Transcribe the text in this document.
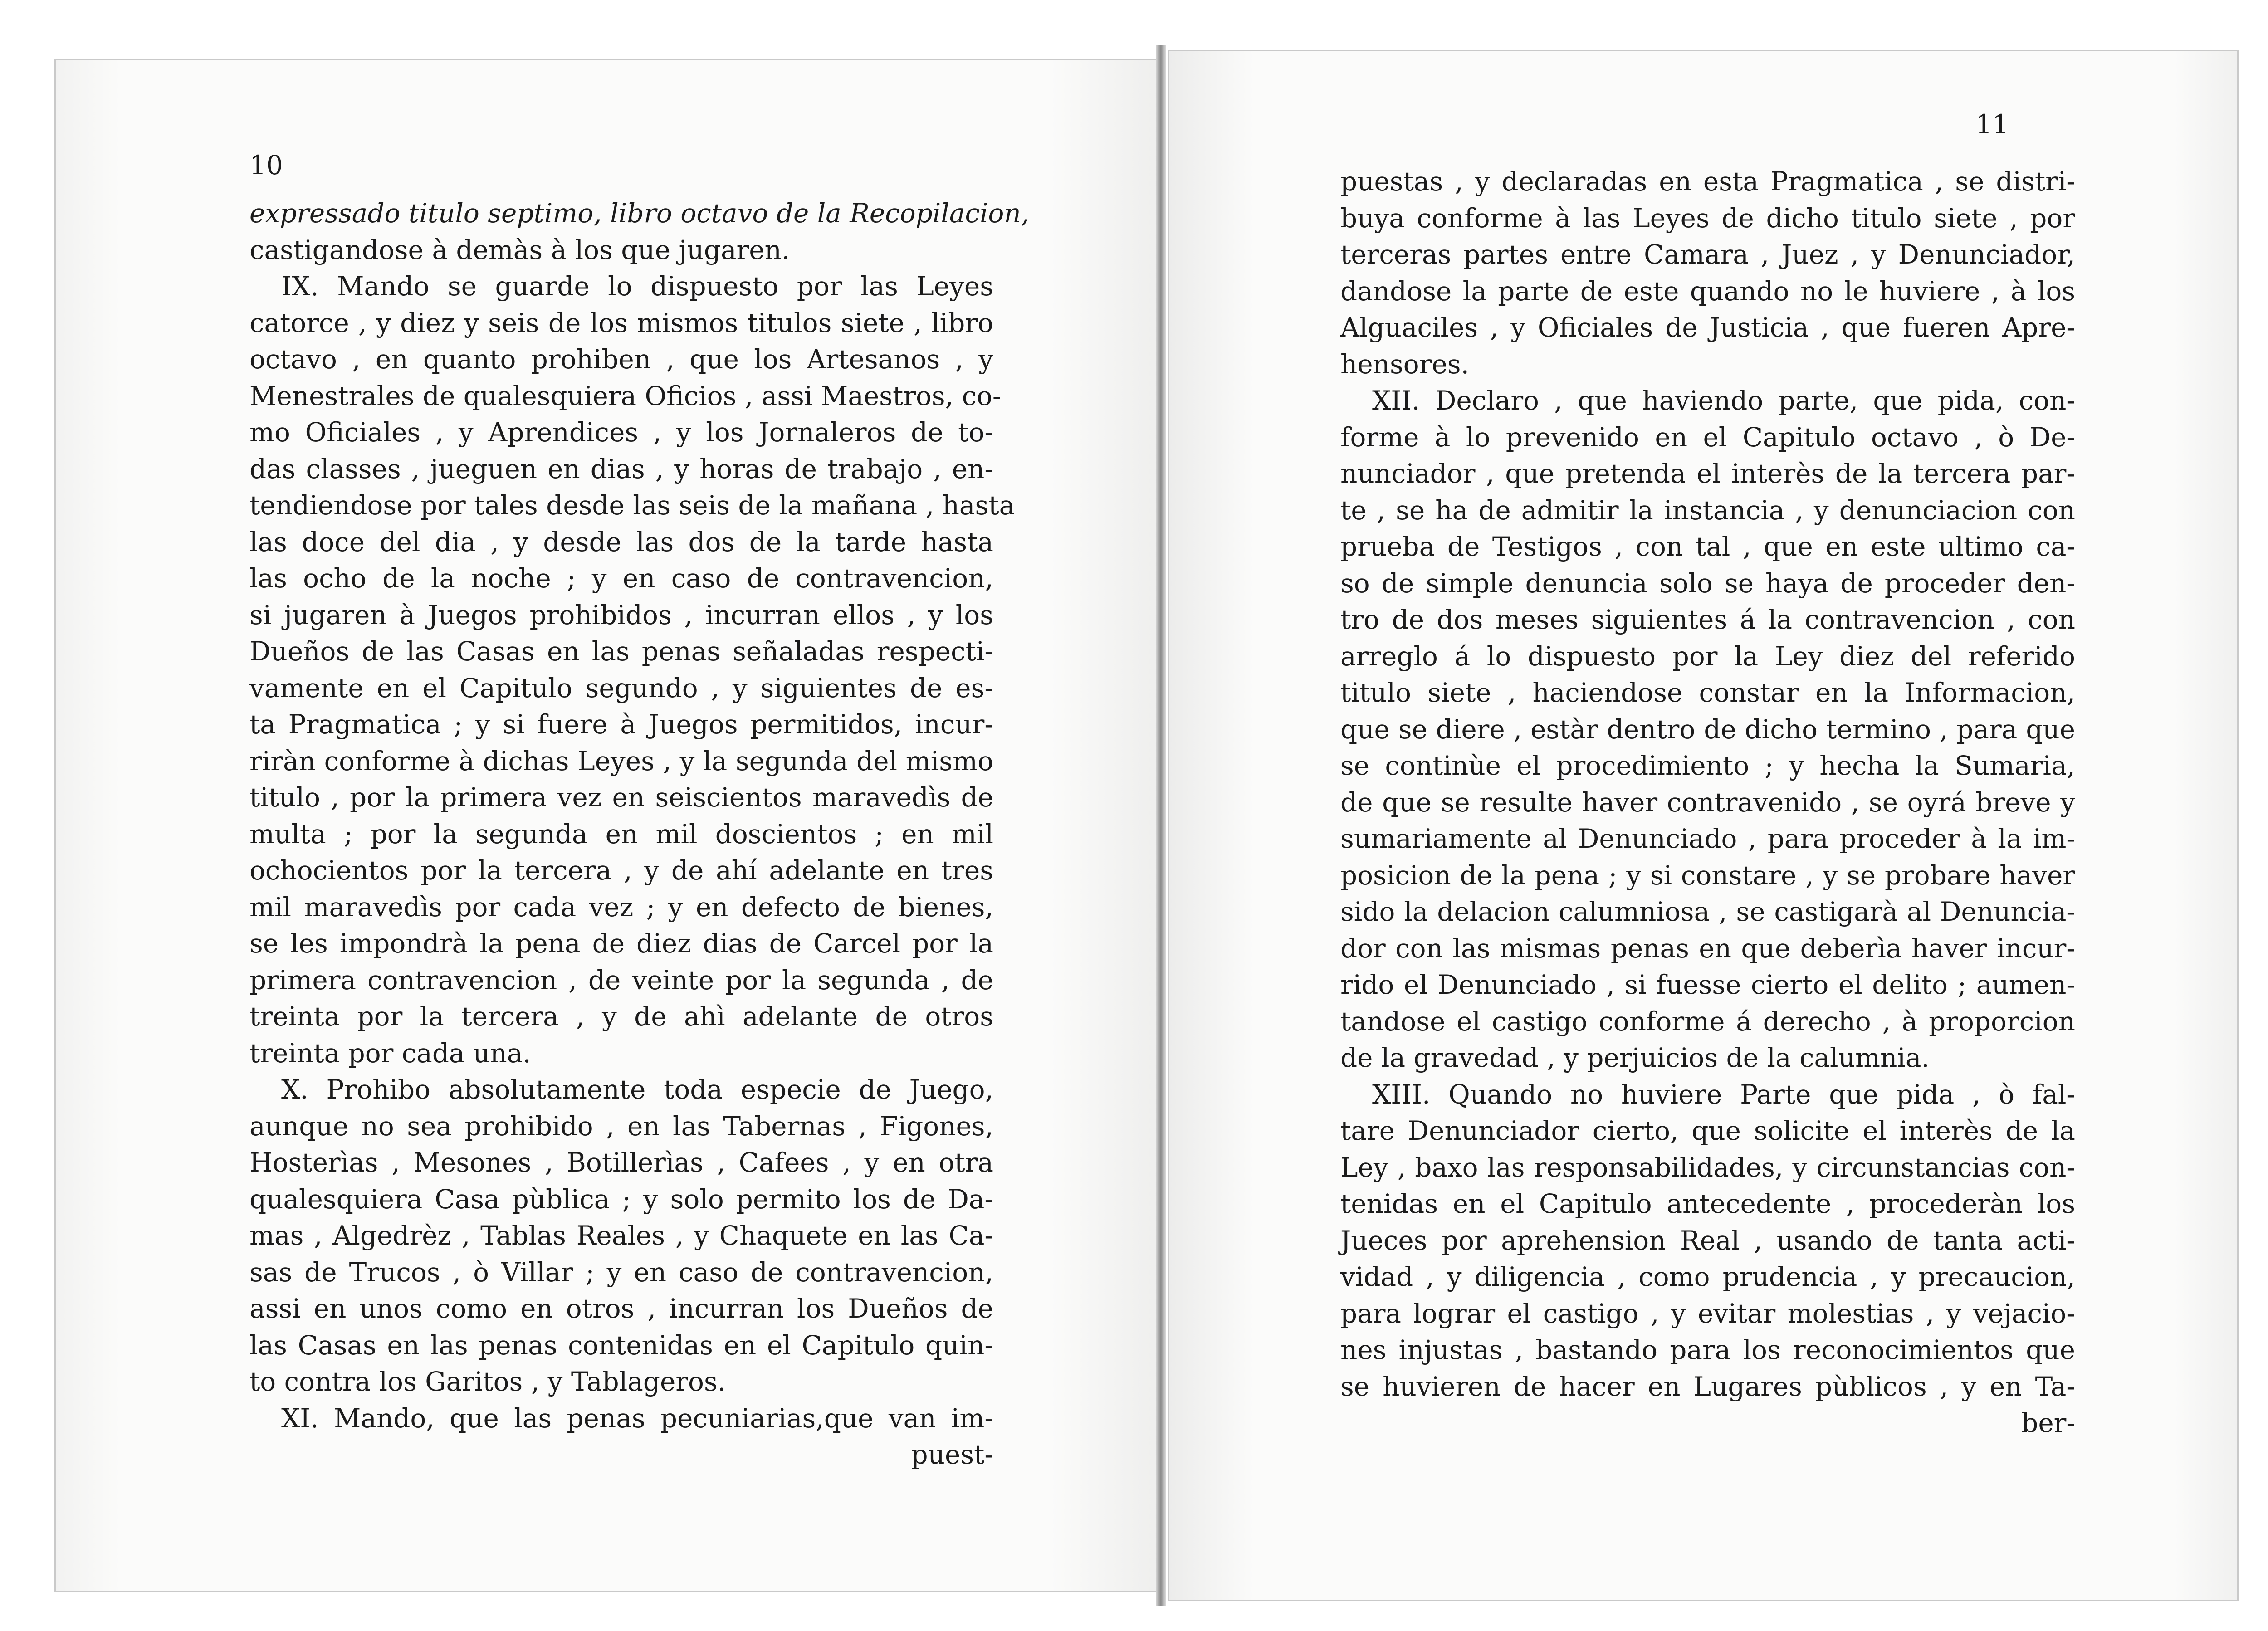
10
expressado titulo septimo, libro octavo de la Recopilacion,
castigandose à demàs à los que jugaren.
IX. Mando se guarde lo dispuesto por las Leyes
catorce , y diez y seis de los mismos titulos siete , libro
octavo , en quanto prohiben , que los Artesanos , y
Menestrales de qualesquiera Oficios , assi Maestros, co-
mo Oficiales , y Aprendices , y los Jornaleros de to-
das classes , jueguen en dias , y horas de trabajo , en-
tendiendose por tales desde las seis de la mañana , hasta
las doce del dia , y desde las dos de la tarde hasta
las ocho de la noche ; y en caso de contravencion,
si jugaren à Juegos prohibidos , incurran ellos , y los
Dueños de las Casas en las penas señaladas respecti-
vamente en el Capitulo segundo , y siguientes de es-
ta Pragmatica ; y si fuere à Juegos permitidos, incur-
riràn conforme à dichas Leyes , y la segunda del mismo
titulo , por la primera vez en seiscientos maravedìs de
multa ; por la segunda en mil doscientos ; en mil
ochocientos por la tercera , y de ahí adelante en tres
mil maravedìs por cada vez ; y en defecto de bienes,
se les impondrà la pena de diez dias de Carcel por la
primera contravencion , de veinte por la segunda , de
treinta por la tercera , y de ahì adelante de otros
treinta por cada una.
X. Prohibo absolutamente toda especie de Juego,
aunque no sea prohibido , en las Tabernas , Figones,
Hosterìas , Mesones , Botillerìas , Cafees , y en otra
qualesquiera Casa pùblica ; y solo permito los de Da-
mas , Algedrèz , Tablas Reales , y Chaquete en las Ca-
sas de Trucos , ò Villar ; y en caso de contravencion,
assi en unos como en otros , incurran los Dueños de
las Casas en las penas contenidas en el Capitulo quin-
to contra los Garitos , y Tablageros.
XI. Mando, que las penas pecuniarias,que van im-
puest-
11
puestas , y declaradas en esta Pragmatica , se distri-
buya conforme à las Leyes de dicho titulo siete , por
terceras partes entre Camara , Juez , y Denunciador,
dandose la parte de este quando no le huviere , à los
Alguaciles , y Oficiales de Justicia , que fueren Apre-
hensores.
XII. Declaro , que haviendo parte, que pida, con-
forme à lo prevenido en el Capitulo octavo , ò De-
nunciador , que pretenda el interès de la tercera par-
te , se ha de admitir la instancia , y denunciacion con
prueba de Testigos , con tal , que en este ultimo ca-
so de simple denuncia solo se haya de proceder den-
tro de dos meses siguientes á la contravencion , con
arreglo á lo dispuesto por la Ley diez del referido
titulo siete , haciendose constar en la Informacion,
que se diere , estàr dentro de dicho termino , para que
se continùe el procedimiento ; y hecha la Sumaria,
de que se resulte haver contravenido , se oyrá breve y
sumariamente al Denunciado , para proceder à la im-
posicion de la pena ; y si constare , y se probare haver
sido la delacion calumniosa , se castigarà al Denuncia-
dor con las mismas penas en que deberìa haver incur-
rido el Denunciado , si fuesse cierto el delito ; aumen-
tandose el castigo conforme á derecho , à proporcion
de la gravedad , y perjuicios de la calumnia.
XIII. Quando no huviere Parte que pida , ò fal-
tare Denunciador cierto, que solicite el interès de la
Ley , baxo las responsabilidades, y circunstancias con-
tenidas en el Capitulo antecedente , procederàn los
Jueces por aprehension Real , usando de tanta acti-
vidad , y diligencia , como prudencia , y precaucion,
para lograr el castigo , y evitar molestias , y vejacio-
nes injustas , bastando para los reconocimientos que
se huvieren de hacer en Lugares pùblicos , y en Ta-
ber-
